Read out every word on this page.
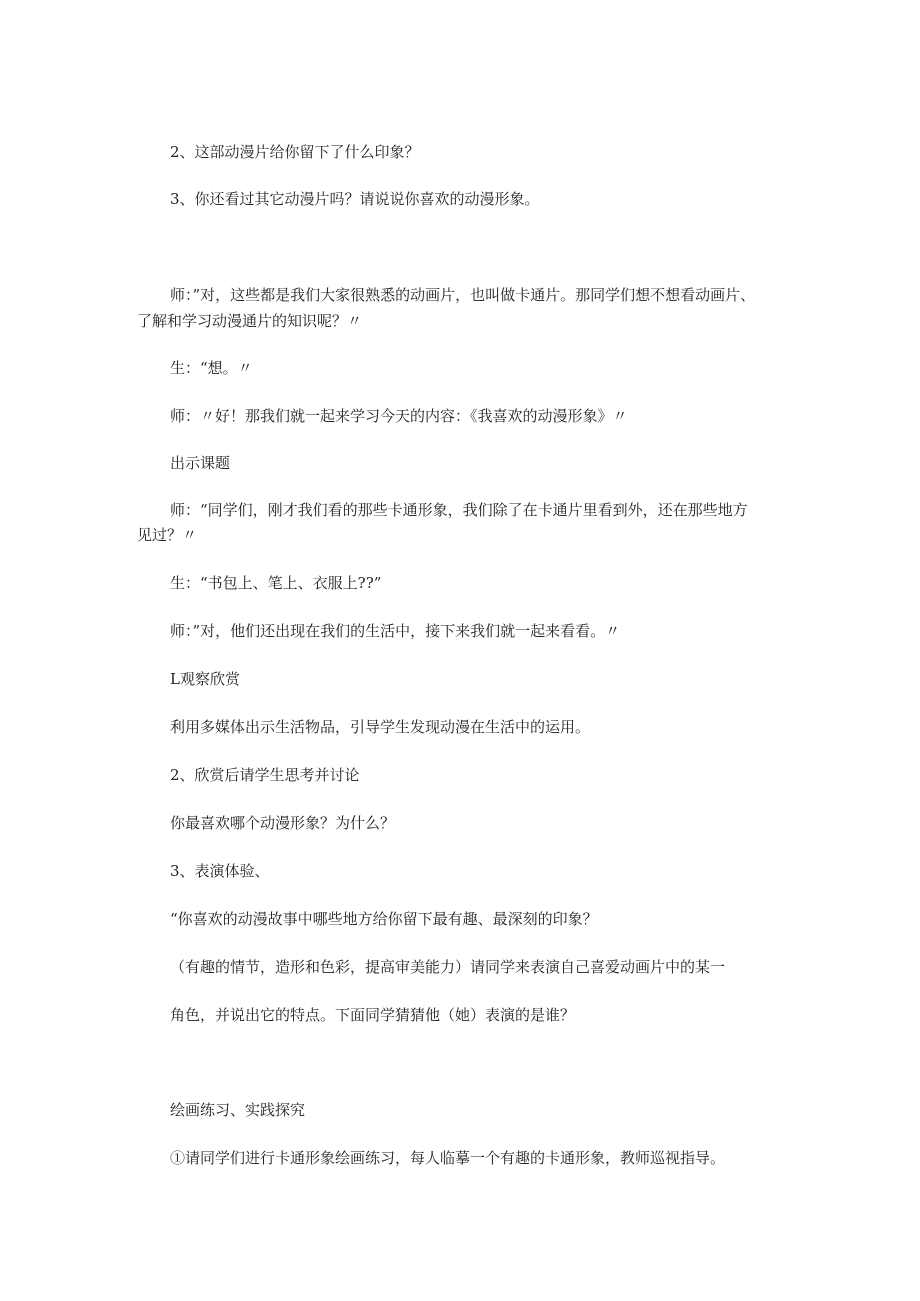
2、这部动漫片给你留下了什么印象？
3、你还看过其它动漫片吗？请说说你喜欢的动漫形象。
师：”对，这些都是我们大家很熟悉的动画片，也叫做卡通片。那同学们想不想看动画片、
了解和学习动漫通片的知识呢？〃
生：“想。〃
师：〃好！那我们就一起来学习今天的内容：《我喜欢的动漫形象》〃
出示课题
师：“同学们，刚才我们看的那些卡通形象，我们除了在卡通片里看到外，还在那些地方
见过？〃
生：“书包上、笔上、衣服上??”
师：”对，他们还出现在我们的生活中，接下来我们就一起来看看。〃
L观察欣赏
利用多媒体出示生活物品，引导学生发现动漫在生活中的运用。
2、欣赏后请学生思考并讨论
你最喜欢哪个动漫形象？为什么？
3、表演体验、
“你喜欢的动漫故事中哪些地方给你留下最有趣、最深刻的印象？
（有趣的情节，造形和色彩，提高审美能力）请同学来表演自己喜爱动画片中的某一
角色，并说出它的特点。下面同学猜猜他（她）表演的是谁？
绘画练习、实践探究
①请同学们进行卡通形象绘画练习，每人临摹一个有趣的卡通形象，教师巡视指导。
